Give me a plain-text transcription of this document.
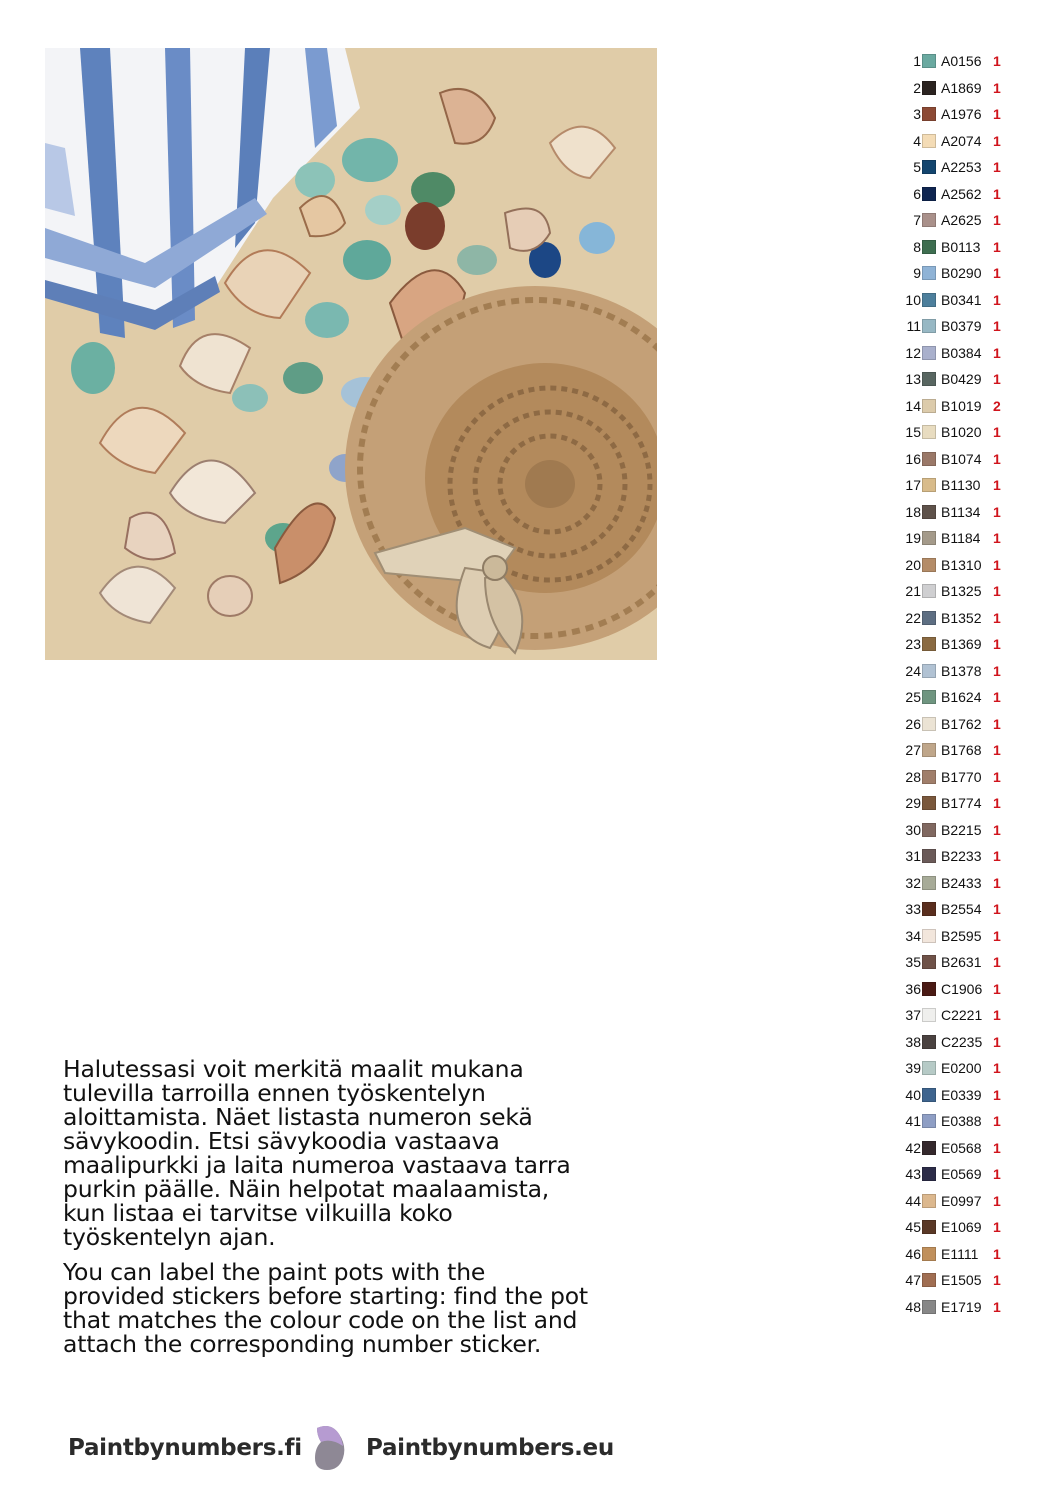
1 A0156 1
2 A1869 1
3 A1976 1
4 A2074 1
5 A2253 1
6 A2562 1
7 A2625 1
8 B0113 1
9 B0290 1
10 B0341 1
11 B0379 1
12 B0384 1
13 B0429 1
14 B1019 2
15 B1020 1
16 B1074 1
17 B1130 1
18 B1134 1
19 B1184 1
20 B1310 1
21 B1325 1
22 B1352 1
23 B1369 1
24 B1378 1
25 B1624 1
26 B1762 1
27 B1768 1
28 B1770 1
29 B1774 1
30 B2215 1
31 B2233 1
32 B2433 1
33 B2554 1
34 B2595 1
35 B2631 1
36 C1906 1
37 C2221 1
38 C2235 1
39 E0200 1
40 E0339 1
41 E0388 1
42 E0568 1
43 E0569 1
44 E0997 1
45 E1069 1
46 E1111	1
47 E1505 1
48 E1719 1

Halutessasi voit merkitä maalit mukana tulevilla tarroilla ennen työskentelyn aloittamista. Näet listasta numeron sekä sävykoodin. Etsi sävykoodia vastaava maalipurkki ja laita numeroa vastaava tarra purkin päälle. Näin helpotat maalaamista, kun listaa ei tarvitse vilkuilla koko työskentelyn ajan.

You can label the paint pots with the provided stickers before starting: find the pot that matches the colour code on the list and attach the corresponding number sticker.

Paintbynumbers.fi	Paintbynumbers.eu
